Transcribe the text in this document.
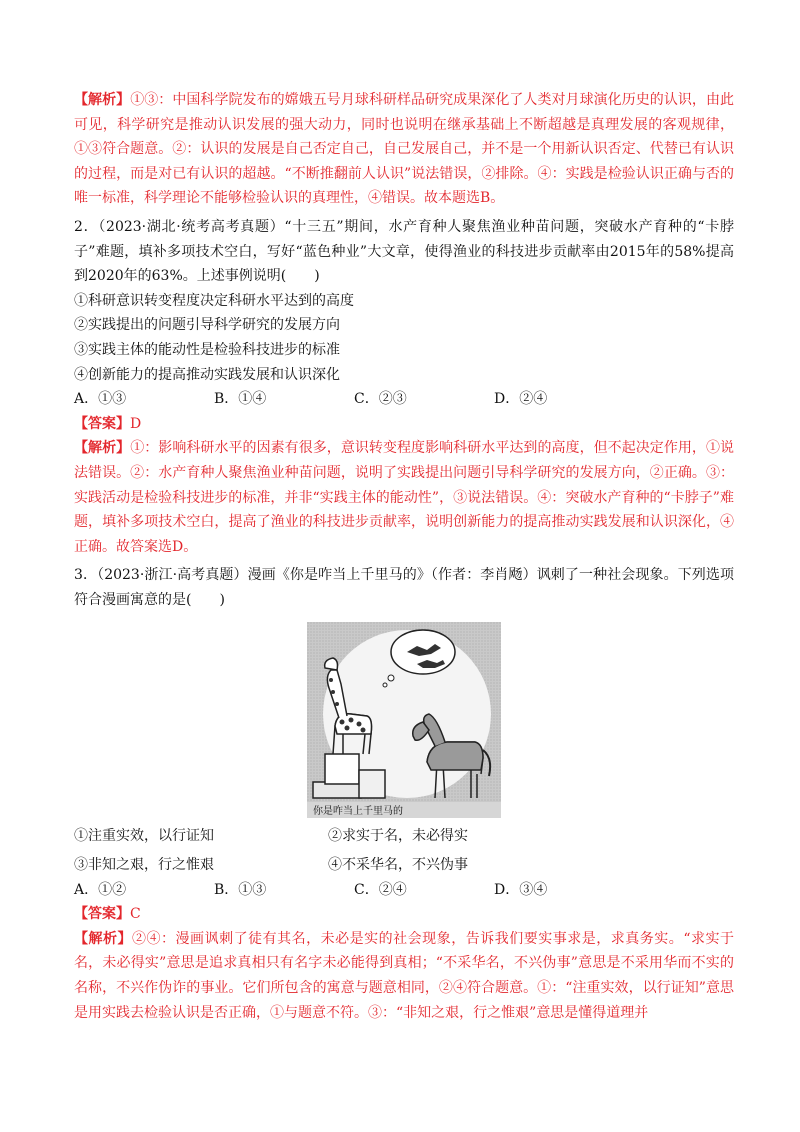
【解析】①③：中国科学院发布的嫦娥五号月球科研样品研究成果深化了人类对月球演化历史的认识，由此可见，科学研究是推动认识发展的强大动力，同时也说明在继承基础上不断超越是真理发展的客观规律，①③符合题意。②：认识的发展是自己否定自己，自己发展自己，并不是一个用新认识否定、代替已有认识的过程，而是对已有认识的超越。“不断推翻前人认识”说法错误，②排除。④：实践是检验认识正确与否的唯一标准，科学理论不能够检验认识的真理性，④错误。故本题选B。

2．（2023·湖北·统考高考真题）“十三五”期间，水产育种人聚焦渔业种苗问题，突破水产育种的“卡脖子”难题，填补多项技术空白，写好“蓝色种业”大文章，使得渔业的科技进步贡献率由2015年的58%提高到2020年的63%。上述事例说明(　　)

①科研意识转变程度决定科研水平达到的高度

②实践提出的问题引导科学研究的发展方向

③实践主体的能动性是检验科技进步的标准

④创新能力的提高推动实践发展和认识深化

A．①③	B．①④	C．②③	D．②④

【答案】D

【解析】①：影响科研水平的因素有很多，意识转变程度影响科研水平达到的高度，但不起决定作用，①说法错误。②：水产育种人聚焦渔业种苗问题，说明了实践提出问题引导科学研究的发展方向，②正确。③：实践活动是检验科技进步的标准，并非“实践主体的能动性”，③说法错误。④：突破水产育种的“卡脖子”难题，填补多项技术空白，提高了渔业的科技进步贡献率，说明创新能力的提高推动实践发展和认识深化，④正确。故答案选D。

3．（2023·浙江·高考真题）漫画《你是咋当上千里马的》（作者：李肖飏）讽刺了一种社会现象。下列选项符合漫画寓意的是(　　)

你是咋当上千里马的
①注重实效，以行证知	②求实于名，未必得实
③非知之艰，行之惟艰	④不采华名，不兴伪事
A．①②	B．①③	C．②④	D．③④

【答案】C

【解析】②④：漫画讽刺了徒有其名，未必是实的社会现象，告诉我们要实事求是，求真务实。“求实于名，未必得实”意思是追求真相只有名字未必能得到真相；“不采华名，不兴伪事”意思是不采用华而不实的名称，不兴作伪诈的事业。它们所包含的寓意与题意相同，②④符合题意。①：“注重实效，以行证知”意思是用实践去检验认识是否正确，①与题意不符。③：“非知之艰，行之惟艰”意思是懂得道理并
